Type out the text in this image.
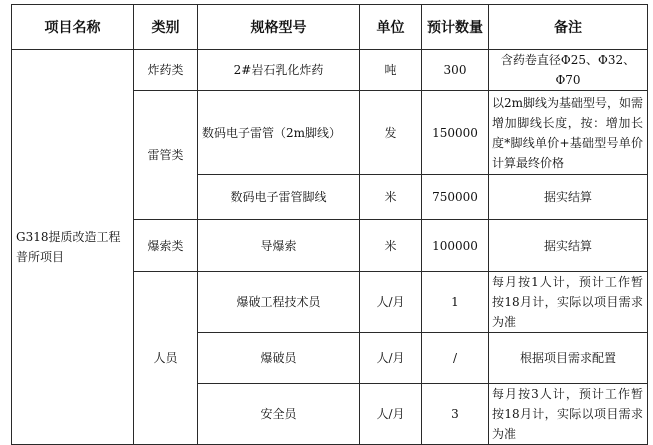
项目名称	类别	规格型号	单位	预计数量	备注
G318提质改造工程普所项目	炸药类	2#岩石乳化炸药	吨	300	含药卷直径Φ25、Φ32、Φ70
	雷管类	数码电子雷管（2m脚线）	发	150000	以2m脚线为基础型号，如需增加脚线长度，按：增加长度*脚线单价+基础型号单价计算最终价格
		数码电子雷管脚线	米	750000	据实结算
	爆索类	导爆索	米	100000	据实结算
	人员	爆破工程技术员	人/月	1	每月按1人计，预计工作暂按18月计，实际以项目需求为准
		爆破员	人/月	/	根据项目需求配置
		安全员	人/月	3	每月按3人计，预计工作暂按18月计，实际以项目需求为准
